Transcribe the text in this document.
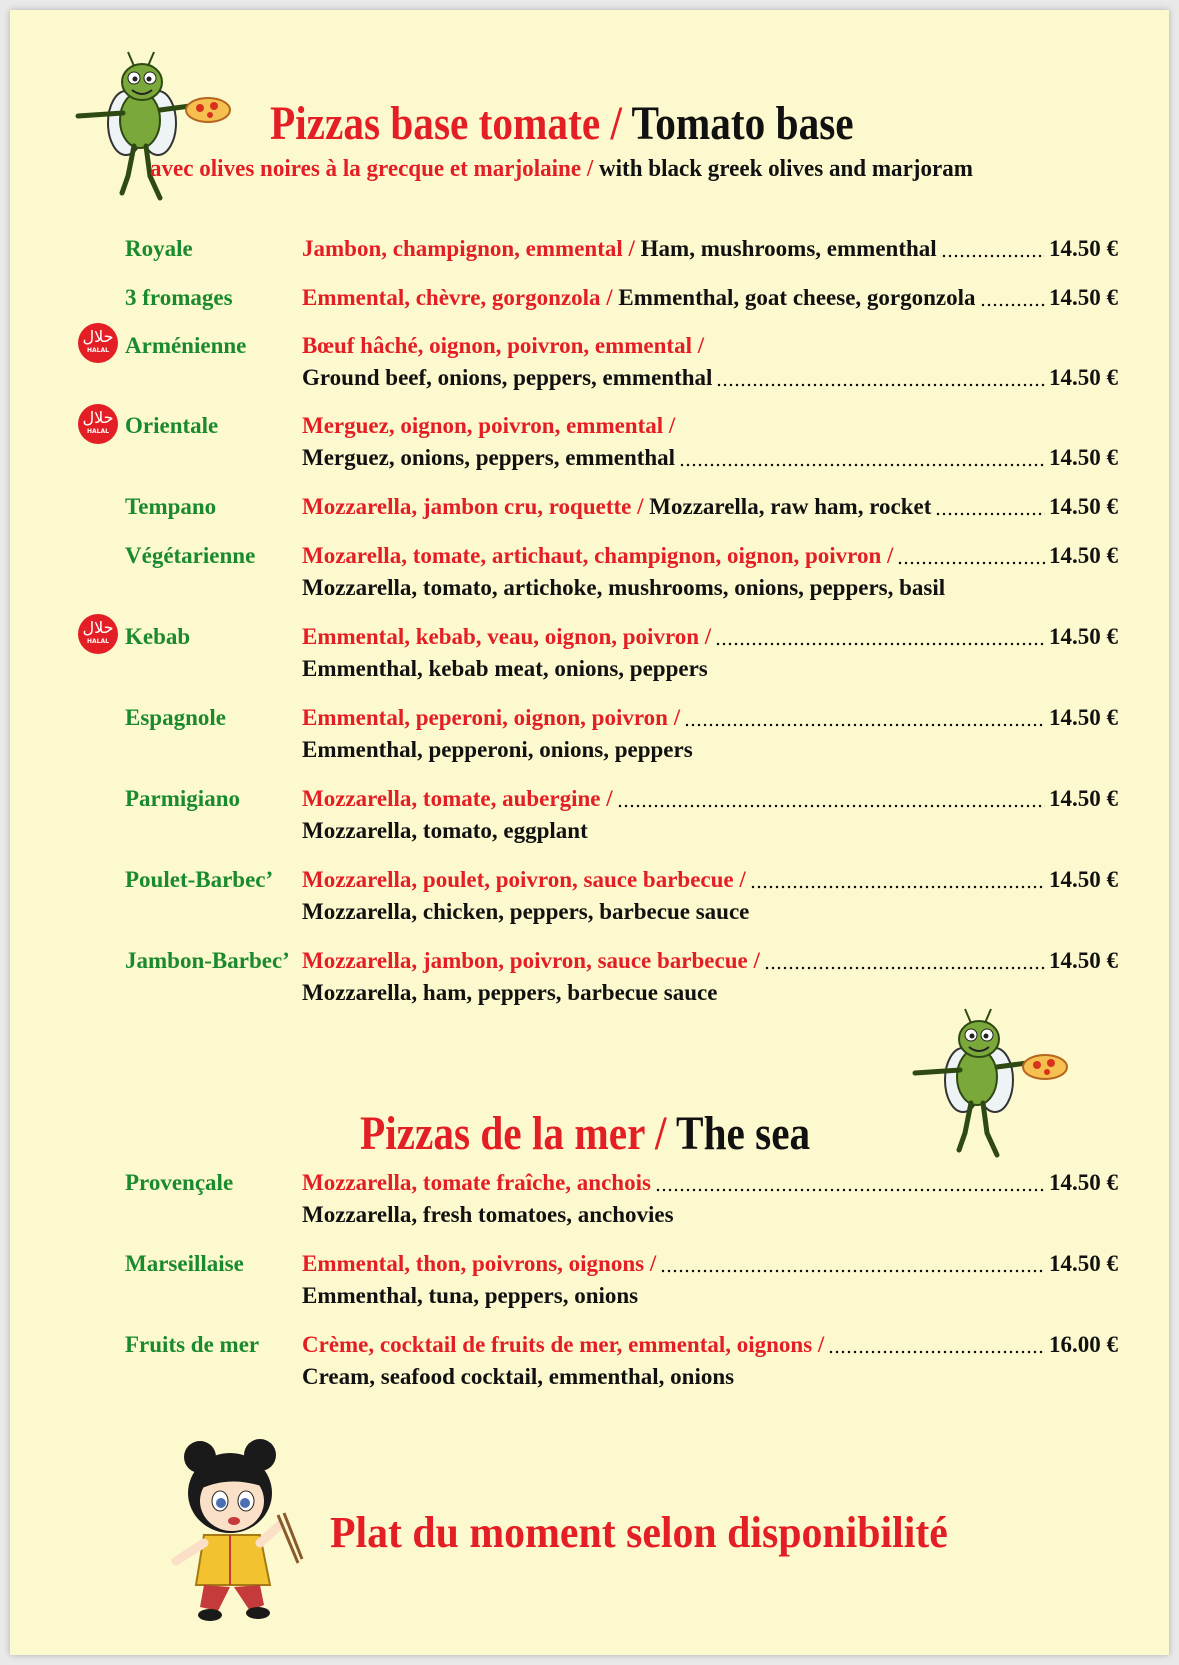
Pizzas base tomate / Tomato base
avec olives noires à la grecque et marjolaine / with black greek olives and marjoram
Royale	Jambon, champignon, emmental / Ham, mushrooms, emmenthal	14.50 €
3 fromages	Emmental, chèvre, gorgonzola / Emmenthal, goat cheese, gorgonzola	14.50 €
حلال
HALAL Arménienne Bœuf hâché, oignon, poivron, emmental /
Ground beef, onions, peppers, emmenthal	14.50 €
حلال
HALAL Orientale	Merguez, oignon, poivron, emmental /
Merguez, onions, peppers, emmenthal	14.50 €
Tempano	Mozzarella, jambon cru, roquette / Mozzarella, raw ham, rocket	14.50 €
Végétarienne Mozarella, tomate, artichaut, champignon, oignon, poivron /	14.50 €
Mozzarella, tomato, artichoke, mushrooms, onions, peppers, basil
حلال
HALAL Kebab	Emmental, kebab, veau, oignon, poivron /	14.50 €
Emmenthal, kebab meat, onions, peppers
Espagnole	Emmental, peperoni, oignon, poivron /	14.50 €
Emmenthal, pepperoni, onions, peppers
Parmigiano	Mozzarella, tomate, aubergine /	14.50 €
Mozzarella, tomato, eggplant
Poulet-Barbec’ Mozzarella, poulet, poivron, sauce barbecue /	14.50 €
Mozzarella, chicken, peppers, barbecue sauce
Jambon-Barbec’ Mozzarella, jambon, poivron, sauce barbecue /	14.50 €
Mozzarella, ham, peppers, barbecue sauce
Pizzas de la mer / The sea
Provençale	Mozzarella, tomate fraîche, anchois	14.50 €
Mozzarella, fresh tomatoes, anchovies
Marseillaise	Emmental, thon, poivrons, oignons /	14.50 €
Emmenthal, tuna, peppers, onions
Fruits de mer Crème, cocktail de fruits de mer, emmental, oignons /	16.00 €
Cream, seafood cocktail, emmenthal, onions
Plat du moment selon disponibilité
